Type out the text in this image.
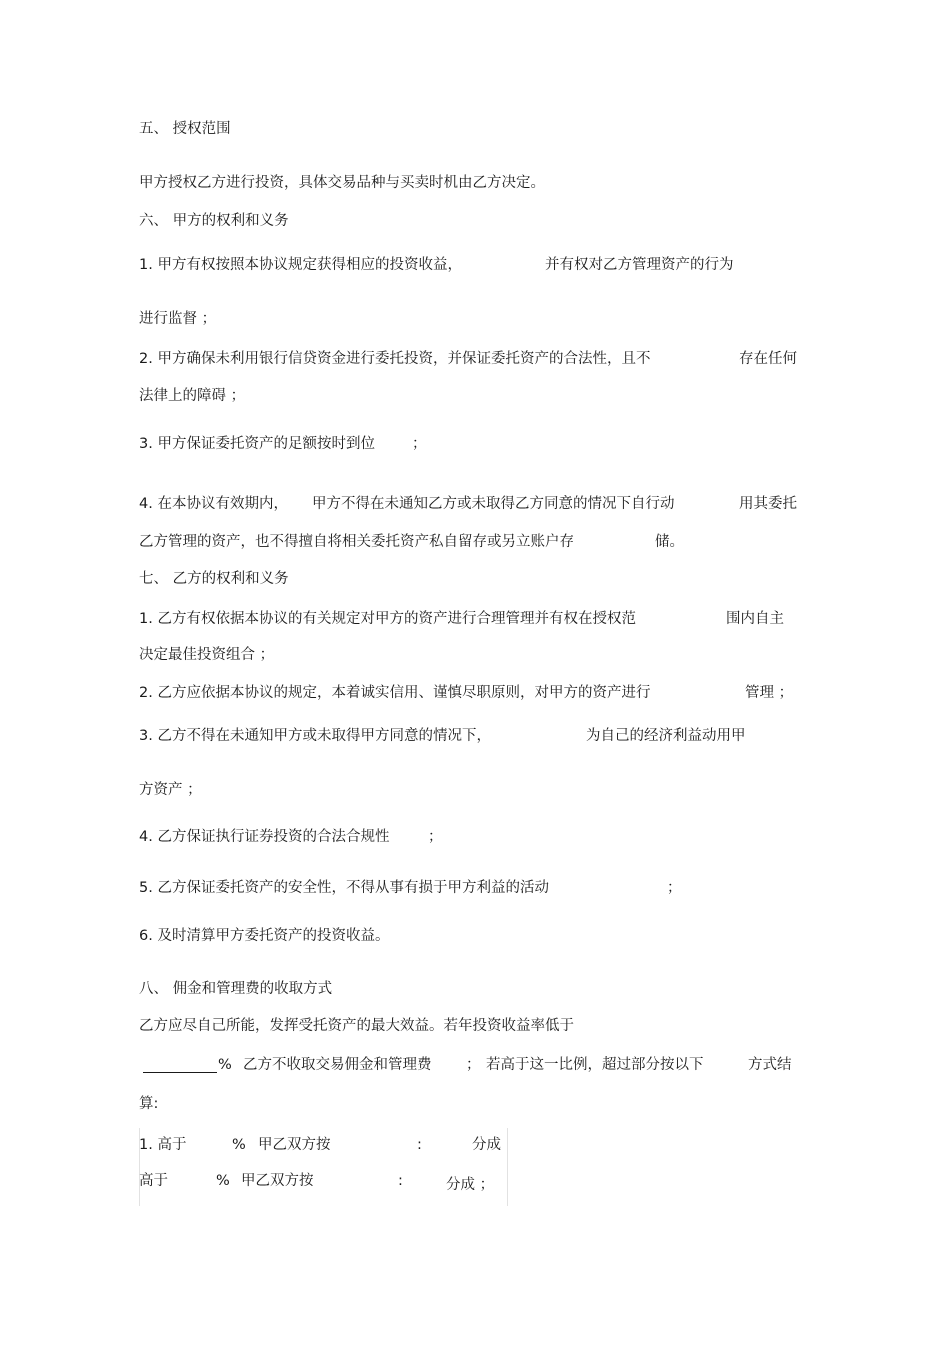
五、 授权范围
甲方授权乙方进行投资，具体交易品种与买卖时机由乙方决定。
六、 甲方的权利和义务
1. 甲方有权按照本协议规定获得相应的投资收益，	并有权对乙方管理资产的行为
进行监督 ；
2. 甲方确保未利用银行信贷资金进行委托投资，并保证委托资产的合法性，且不	存在任何
法律上的障碍 ；
3. 甲方保证委托资产的足额按时到位	；
4. 在本协议有效期内， 甲方不得在未通知乙方或未取得乙方同意的情况下自行动	用其委托
乙方管理的资产，也不得擅自将相关委托资产私自留存或另立账户存	储。
七、 乙方的权利和义务
1. 乙方有权依据本协议的有关规定对甲方的资产进行合理管理并有权在授权范	围内自主
决定最佳投资组合 ；
2. 乙方应依据本协议的规定，本着诚实信用、谨慎尽职原则，对甲方的资产进行	管理 ；
3. 乙方不得在未通知甲方或未取得甲方同意的情况下，	为自己的经济利益动用甲
方资产 ；
4. 乙方保证执行证券投资的合法合规性	；
5. 乙方保证委托资产的安全性，不得从事有损于甲方利益的活动	；
6. 及时清算甲方委托资产的投资收益。
八、 佣金和管理费的收取方式
乙方应尽自己所能，发挥受托资产的最大效益。若年投资收益率低于
% 乙方不收取交易佣金和管理费 ； 若高于这一比例，超过部分按以下	方式结
算:
1. 高于	% 甲乙双方按	:	分成
高于	% 甲乙双方按	:	分成 ；
